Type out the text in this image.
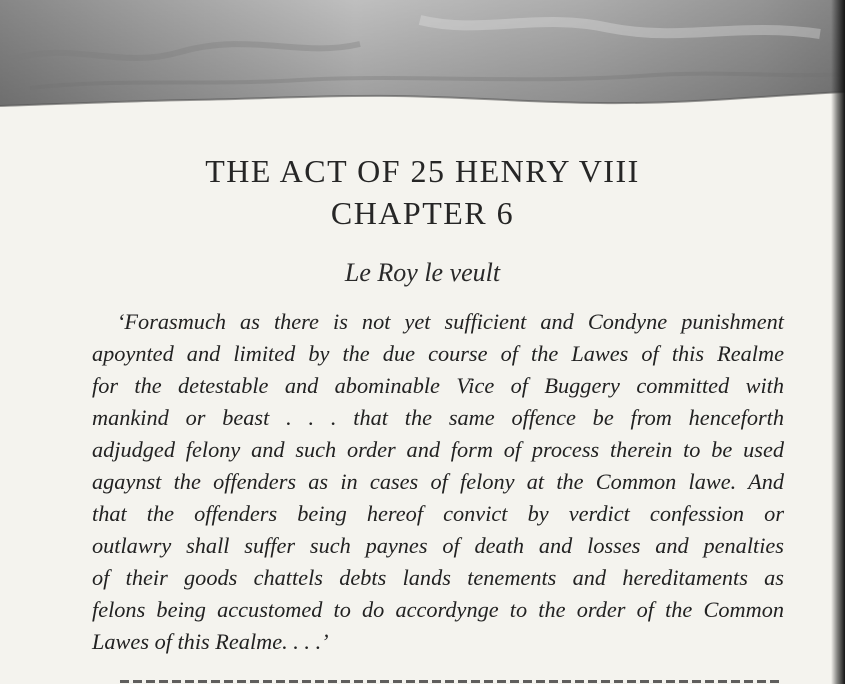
THE ACT OF 25 HENRY VIII
CHAPTER 6

Le Roy le veult

‘Forasmuch as there is not yet sufficient and Condyne punishment
apoynted and limited by the due course of the Lawes of this Realme
for the detestable and abominable Vice of Buggery committed with
mankind or beast . . . that the same offence be from henceforth
adjudged felony and such order and form of process therein to be used
agaynst the offenders as in cases of felony at the Common lawe. And
that the offenders being hereof convict by verdict confession or
outlawry shall suffer such paynes of death and losses and penalties
of their goods chattels debts lands tenements and hereditaments as
felons being accustomed to do accordynge to the order of the Common
Lawes of this Realme. . . .’
